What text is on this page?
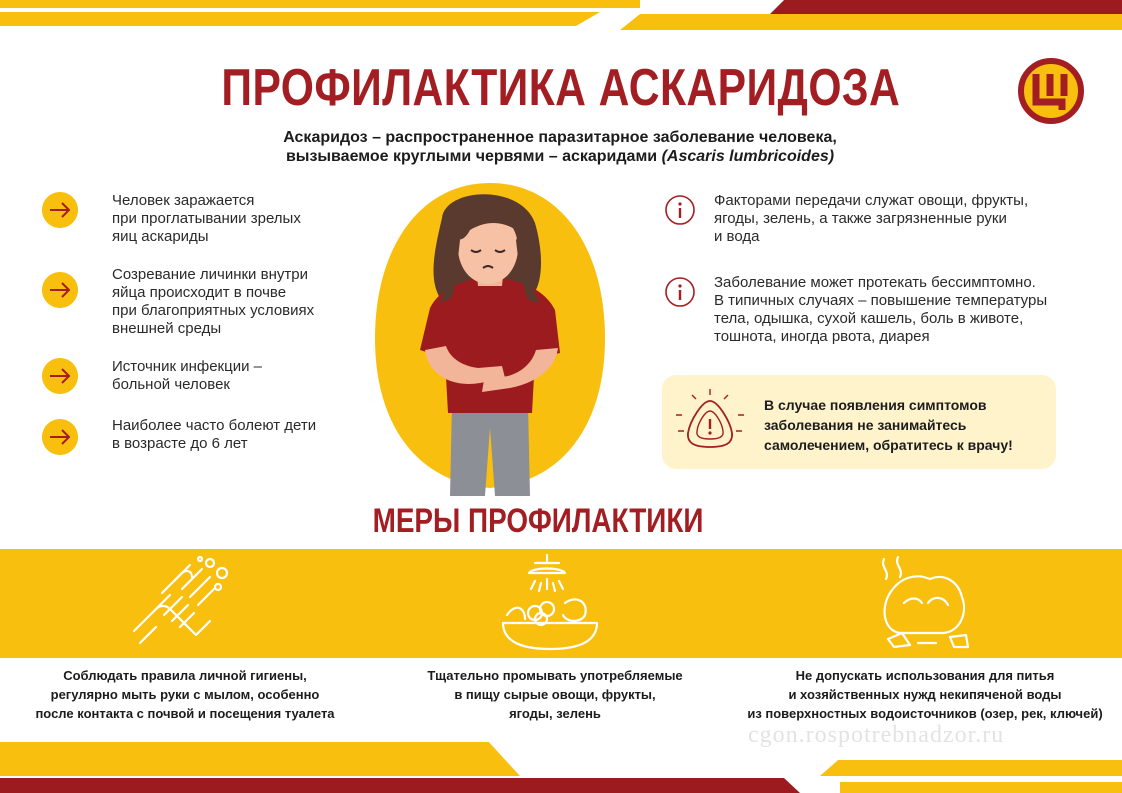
ПРОФИЛАКТИКА АСКАРИДОЗА
Аскаридоз – распространенное паразитарное заболевание человека,
вызываемое круглыми червями – аскаридами (Ascaris lumbricoides)
Человек заражается
при проглатывании зрелых
яиц аскариды
Созревание личинки внутри
яйца происходит в почве
при благоприятных условиях
внешней среды
Источник инфекции –
больной человек
Наиболее часто болеют дети
в возрасте до 6 лет
Факторами передачи служат овощи, фрукты,
ягоды, зелень, а также загрязненные руки
и вода
Заболевание может протекать бессимптомно.
В типичных случаях – повышение температуры
тела, одышка, сухой кашель, боль в животе,
тошнота, иногда рвота, диарея
В случае появления симптомов
заболевания не занимайтесь
самолечением, обратитесь к врачу!
МЕРЫ ПРОФИЛАКТИКИ
Соблюдать правила личной гигиены,
регулярно мыть руки с мылом, особенно
после контакта с почвой и посещения туалета
Тщательно промывать употребляемые
в пищу сырые овощи, фрукты,
ягоды, зелень
Не допускать использования для питья
и хозяйственных нужд некипяченой воды
из поверхностных водоисточников (озер, рек, ключей)
cgon.rospotrebnadzor.ru
